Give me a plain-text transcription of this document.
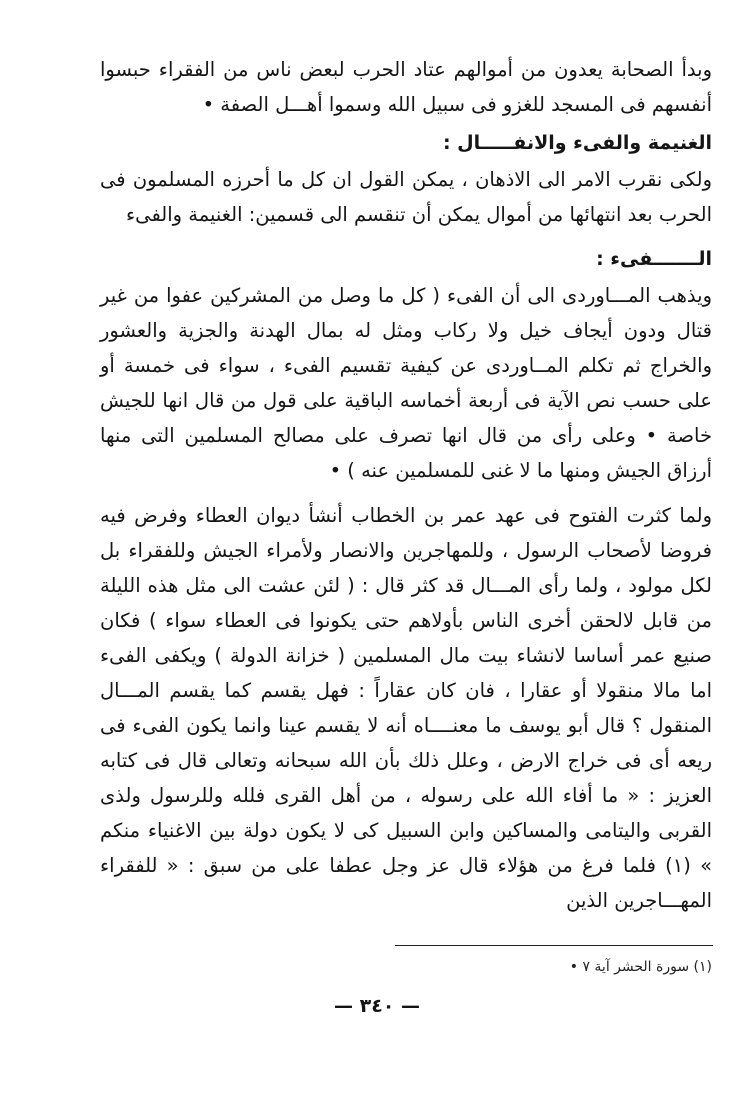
وبدأ الصحابة يعدون من أموالهم عتاد الحرب لبعض ناس من الفقراء حبسوا أنفسهم فى المسجد للغزو فى سبيل الله وسموا أهـــل الصفة •

الغنيمة والفىء والانفـــــال :

ولكى نقرب الامر الى الاذهان ، يمكن القول ان كل ما أحرزه المسلمون فى الحرب بعد انتهائها من أموال يمكن أن تنقسم الى قسمين: الغنيمة والفىء

الـــــــفىء :

ويذهب المـــاوردى الى أن الفىء ( كل ما وصل من المشركين عفوا من غير قتال ودون أيجاف خيل ولا ركاب ومثل له بمال الهدنة والجزية والعشور والخراج ثم تكلم المــاوردى عن كيفية تقسيم الفىء ، سواء فى خمسة أو على حسب نص الآية فى أربعة أخماسه الباقية على قول من قال انها للجيش خاصة • وعلى رأى من قال انها تصرف على مصالح المسلمين التى منها أرزاق الجيش ومنها ما لا غنى للمسلمين عنه ) •

ولما كثرت الفتوح فى عهد عمر بن الخطاب أنشأ ديوان العطاء وفرض فيه فروضا لأصحاب الرسول ، وللمهاجرين والانصار ولأمراء الجيش وللفقراء بل لكل مولود ، ولما رأى المـــال قد كثر قال : ( لئن عشت الى مثل هذه الليلة من قابل لالحقن أخرى الناس بأولاهم حتى يكونوا فى العطاء سواء ) فكان صنيع عمر أساسا لانشاء بيت مال المسلمين ( خزانة الدولة ) ويكفى الفىء اما مالا منقولا أو عقارا ، فان كان عقاراً : فهل يقسم كما يقسم المـــال المنقول ؟ قال أبو يوسف ما معنــــاه أنه لا يقسم عينا وانما يكون الفىء فى ريعه أى فى خراج الارض ، وعلل ذلك بأن الله سبحانه وتعالى قال فى كتابه العزيز : « ما أفاء الله على رسوله ، من أهل القرى فلله وللرسول ولذى القربى واليتامى والمساكين وابن السبيل كى لا يكون دولة بين الاغنياء منكم » (١) فلما فرغ من هؤلاء قال عز وجل عطفا على من سبق : « للفقراء المهـــاجرين الذين

(١) سورة الحشر آية ٧ •
— ٣٤٠ —
